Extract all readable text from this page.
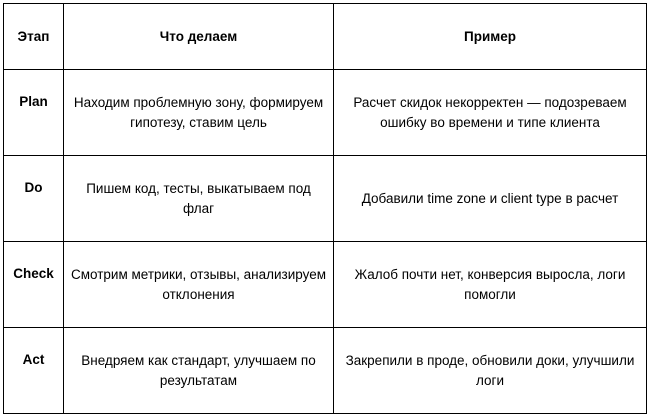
Этап	Что делаем	Пример
Plan	Находим проблемную зону, формируем гипотезу, ставим цель	Расчет скидок некорректен — подозреваем ошибку во времени и типе клиента
Do	Пишем код, тесты, выкатываем под флаг	Добавили time zone и client type в расчет
Check	Смотрим метрики, отзывы, анализируем отклонения	Жалоб почти нет, конверсия выросла, логи помогли
Act	Внедряем как стандарт, улучшаем по результатам	Закрепили в проде, обновили доки, улучшили логи
